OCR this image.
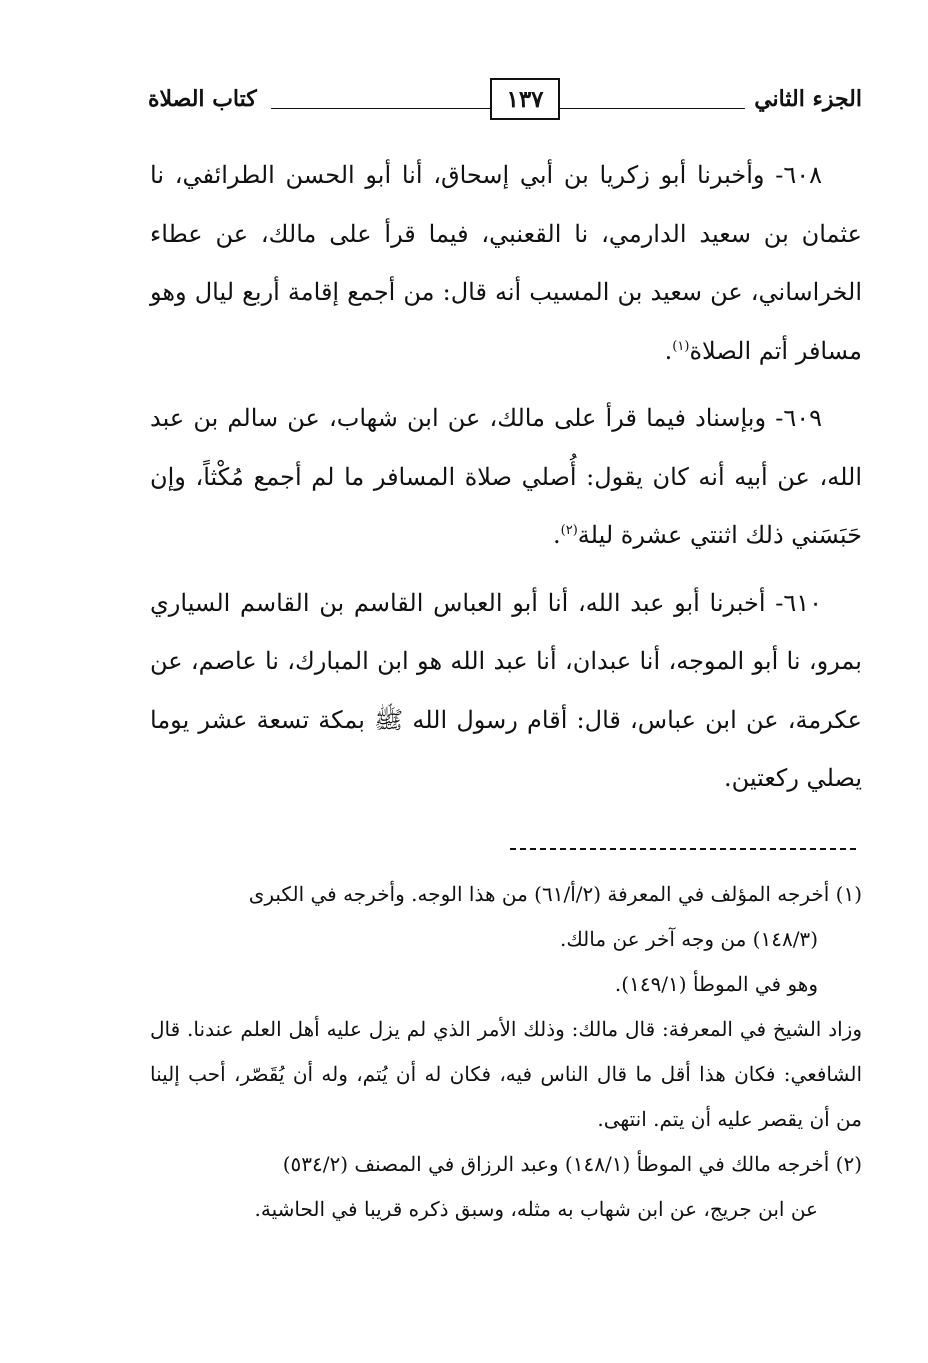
الجزء الثاني
١٣٧
كتاب الصلاة

٦٠٨- وأخبرنا أبو زكريا بن أبي إسحاق، أنا أبو الحسن الطرائفي، نا عثمان بن سعيد الدارمي، نا القعنبي، فيما قرأ على مالك، عن عطاء الخراساني، عن سعيد بن المسيب أنه قال: من أجمع إقامة أربع ليال وهو مسافر أتم الصلاة$^{(١)}$.

٦٠٩- وبإسناد فيما قرأ على مالك، عن ابن شهاب، عن سالم بن عبد الله، عن أبيه أنه كان يقول: أُصلي صلاة المسافر ما لم أجمع مُكْثاً، وإن حَبَسَني ذلك اثنتي عشرة ليلة$^{(٢)}$.

٦١٠- أخبرنا أبو عبد الله، أنا أبو العباس القاسم بن القاسم السياري بمرو، نا أبو الموجه، أنا عبدان، أنا عبد الله هو ابن المبارك، نا عاصم، عن عكرمة، عن ابن عباس، قال: أقام رسول الله ﷺ بمكة تسعة عشر يوما يصلي ركعتين.

(١) أخرجه المؤلف في المعرفة (٢/أ/٦١) من هذا الوجه. وأخرجه في الكبرى

(١٤٨/٣) من وجه آخر عن مالك.

وهو في الموطأ (١٤٩/١).

وزاد الشيخ في المعرفة: قال مالك: وذلك الأمر الذي لم يزل عليه أهل العلم عندنا. قال الشافعي: فكان هذا أقل ما قال الناس فيه، فكان له أن يُتم، وله أن يُقَصّر، أحب إلينا من أن يقصر عليه أن يتم. انتهى.

(٢) أخرجه مالك في الموطأ (١٤٨/١) وعبد الرزاق في المصنف (٥٣٤/٢)

عن ابن جريج، عن ابن شهاب به مثله، وسبق ذكره قريبا في الحاشية.
